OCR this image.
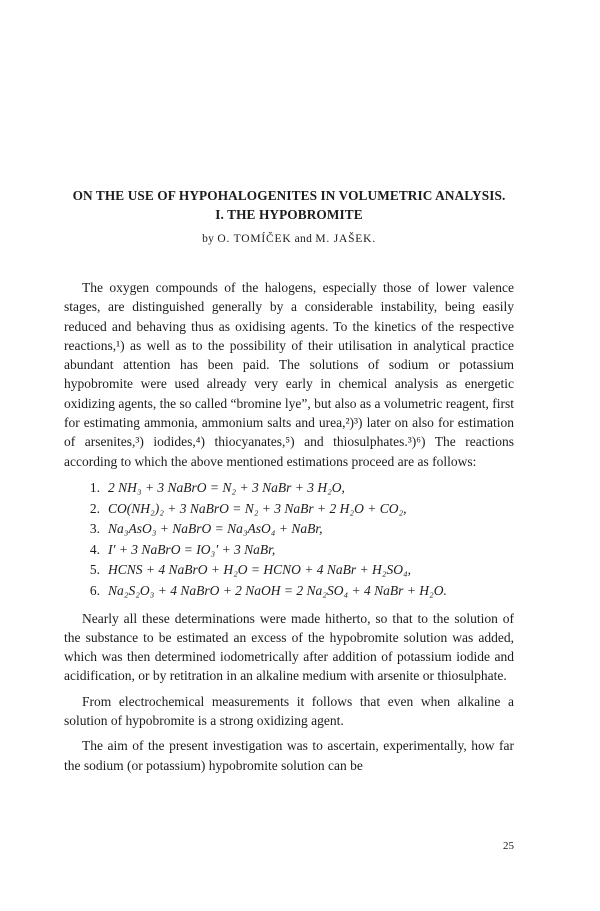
ON THE USE OF HYPOHALOGENITES IN VOLUMETRIC ANALYSIS.
I. THE HYPOBROMITE
by O. TOMÍČEK and M. JAŠEK.

The oxygen compounds of the halogens, especially those of lower valence stages, are distinguished generally by a considerable instability, being easily reduced and behaving thus as oxidising agents. To the kinetics of the respective reactions,¹) as well as to the possibility of their utilisation in analytical practice abundant attention has been paid. The solutions of sodium or potassium hypobromite were used already very early in chemical analysis as energetic oxidizing agents, the so called “bromine lye”, but also as a volumetric reagent, first for estimating ammonia, ammonium salts and urea,²)³) later on also for estimation of arsenites,³) iodides,⁴) thiocyanates,⁵) and thiosulphates.³)⁶) The reactions according to which the above mentioned estimations proceed are as follows:

1. 2 NH₃ + 3 NaBrO = N₂ + 3 NaBr + 3 H₂O,
2. CO(NH₂)₂ + 3 NaBrO = N₂ + 3 NaBr + 2 H₂O + CO₂,
3. Na₃AsO₃ + NaBrO = Na₃AsO₄ + NaBr,
4. I′ + 3 NaBrO = IO₃′ + 3 NaBr,
5. HCNS + 4 NaBrO + H₂O = HCNO + 4 NaBr + H₂SO₄,
6. Na₂S₂O₃ + 4 NaBrO + 2 NaOH = 2 Na₂SO₄ + 4 NaBr + H₂O.

Nearly all these determinations were made hitherto, so that to the solution of the substance to be estimated an excess of the hypobromite solution was added, which was then determined iodometrically after addition of potassium iodide and acidification, or by retitration in an alkaline medium with arsenite or thiosulphate.

From electrochemical measurements it follows that even when alkaline a solution of hypobromite is a strong oxidizing agent.

The aim of the present investigation was to ascertain, experimentally, how far the sodium (or potassium) hypobromite solution can be

25
